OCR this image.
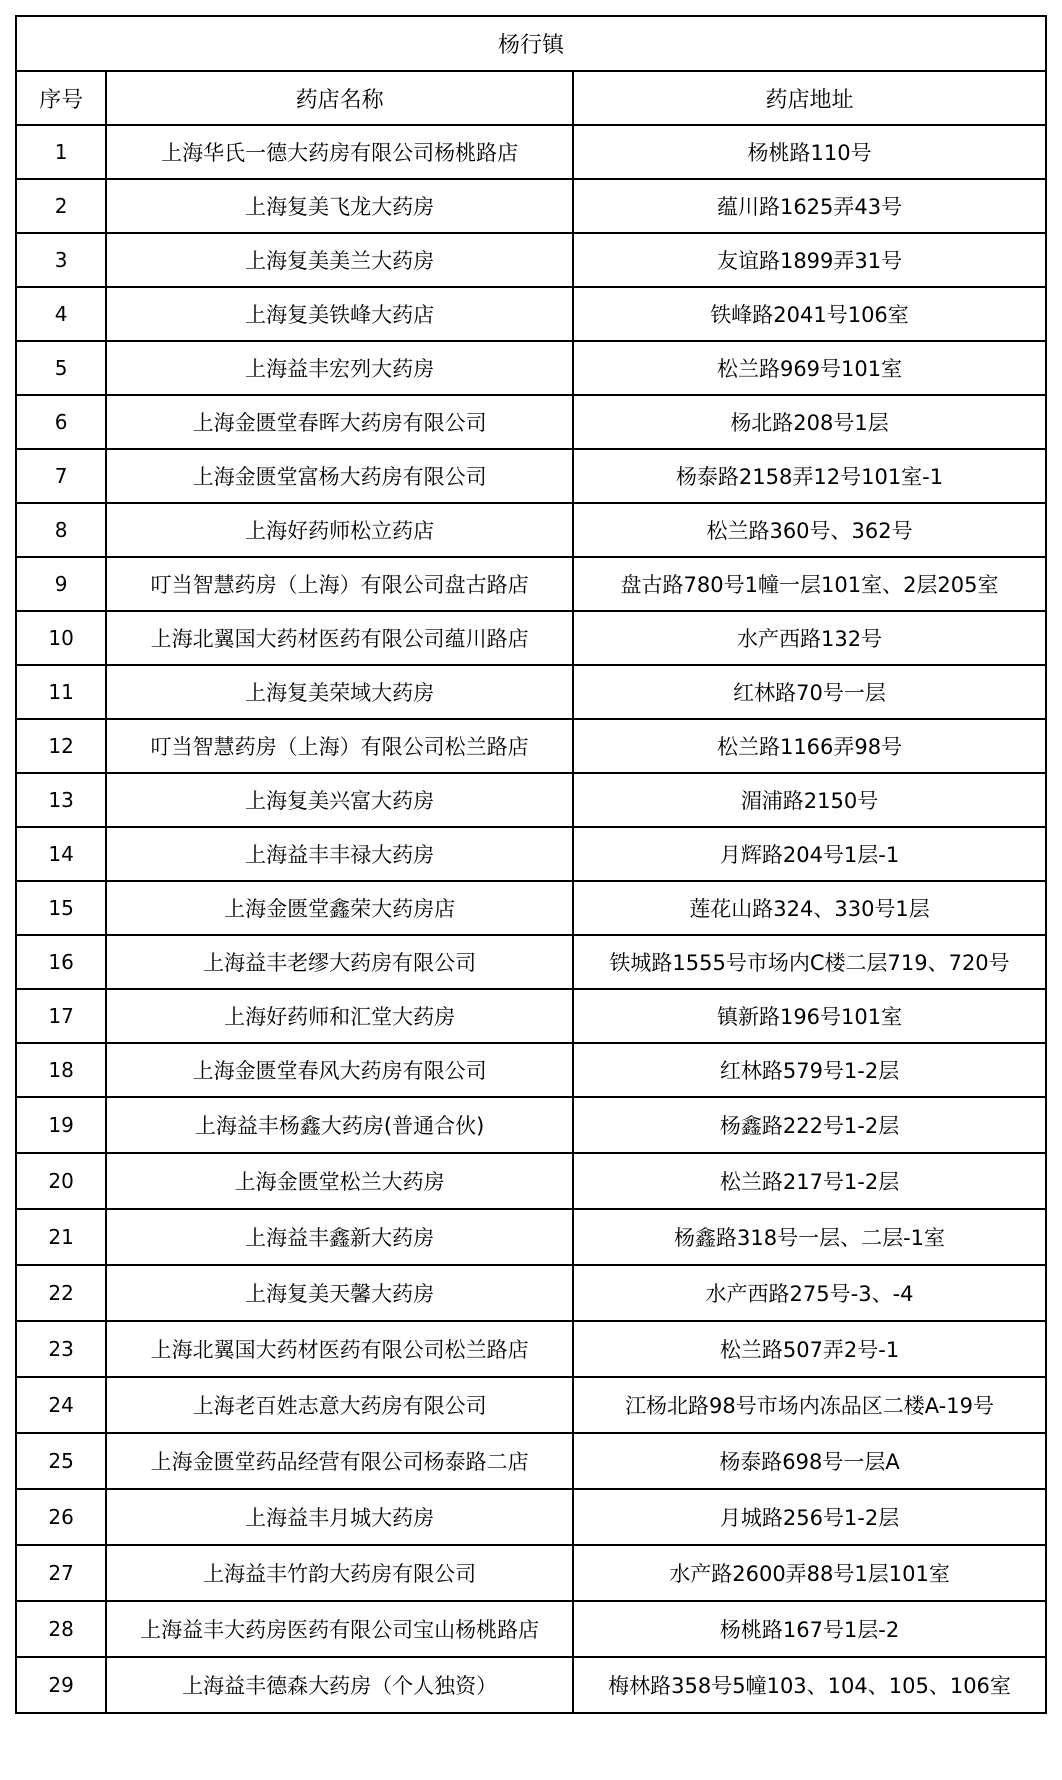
杨行镇		
序号	药店名称	药店地址
1	上海华氏一德大药房有限公司杨桃路店	杨桃路110号
2	上海复美飞龙大药房	蕴川路1625弄43号
3	上海复美美兰大药房	友谊路1899弄31号
4	上海复美铁峰大药店	铁峰路2041号106室
5	上海益丰宏列大药房	松兰路969号101室
6	上海金匮堂春晖大药房有限公司	杨北路208号1层
7	上海金匮堂富杨大药房有限公司	杨泰路2158弄12号101室-1
8	上海好药师松立药店	松兰路360号、362号
9	叮当智慧药房（上海）有限公司盘古路店	盘古路780号1幢一层101室、2层205室
10	上海北翼国大药材医药有限公司蕴川路店	水产西路132号
11	上海复美荣域大药房	红林路70号一层
12	叮当智慧药房（上海）有限公司松兰路店	松兰路1166弄98号
13	上海复美兴富大药房	湄浦路2150号
14	上海益丰丰禄大药房	月辉路204号1层-1
15	上海金匮堂鑫荣大药房店	莲花山路324、330号1层
16	上海益丰老缪大药房有限公司	铁城路1555号市场内C楼二层719、720号
17	上海好药师和汇堂大药房	镇新路196号101室
18	上海金匮堂春风大药房有限公司	红林路579号1-2层
19	上海益丰杨鑫大药房(普通合伙)	杨鑫路222号1-2层
20	上海金匮堂松兰大药房	松兰路217号1-2层
21	上海益丰鑫新大药房	杨鑫路318号一层、二层-1室
22	上海复美天馨大药房	水产西路275号-3、-4
23	上海北翼国大药材医药有限公司松兰路店	松兰路507弄2号-1
24	上海老百姓志意大药房有限公司	江杨北路98号市场内冻品区二楼A-19号
25	上海金匮堂药品经营有限公司杨泰路二店	杨泰路698号一层A
26	上海益丰月城大药房	月城路256号1-2层
27	上海益丰竹韵大药房有限公司	水产路2600弄88号1层101室
28	上海益丰大药房医药有限公司宝山杨桃路店	杨桃路167号1层-2
29	上海益丰德森大药房（个人独资）	梅林路358号5幢103、104、105、106室
